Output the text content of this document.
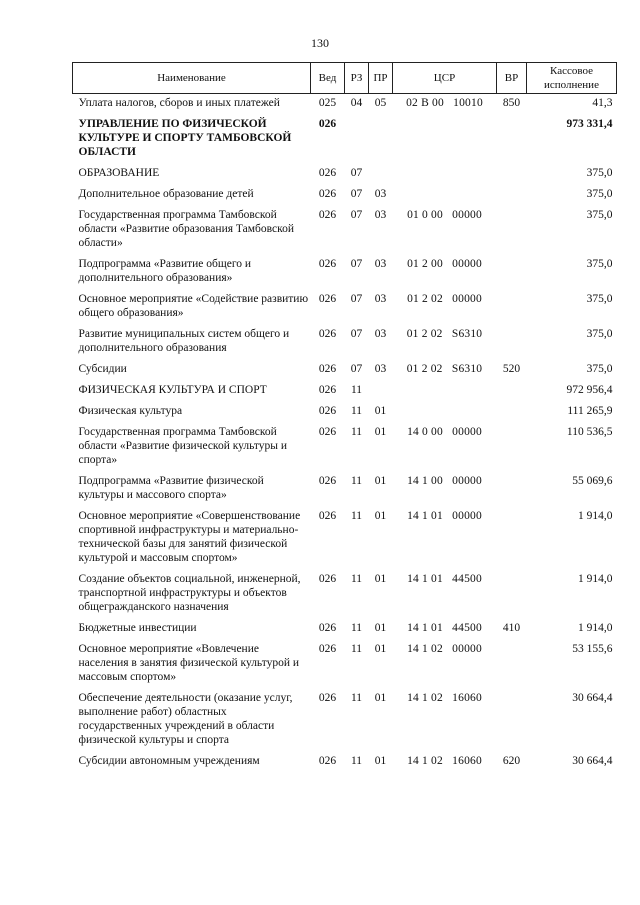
130
Наименование	Вед	РЗ	ПР	ЦСР	ВР	Кассовое исполнение
Уплата налогов, сборов и иных платежей	025	04	05	02 В 00   10010	850	41,3
УПРАВЛЕНИЕ ПО ФИЗИЧЕСКОЙ КУЛЬТУРЕ И СПОРТУ ТАМБОВСКОЙ ОБЛАСТИ	026					973 331,4
ОБРАЗОВАНИЕ	026	07				375,0
Дополнительное образование детей	026	07	03			375,0
Государственная программа Тамбовской области «Развитие образования Тамбовской области»	026	07	03	01 0 00   00000		375,0
Подпрограмма «Развитие общего и дополнительного образования»	026	07	03	01 2 00   00000		375,0
Основное мероприятие «Содействие развитию общего образования»	026	07	03	01 2 02   00000		375,0
Развитие муниципальных систем общего и дополнительного образования	026	07	03	01 2 02   S6310		375,0
Субсидии	026	07	03	01 2 02   S6310	520	375,0
ФИЗИЧЕСКАЯ КУЛЬТУРА И СПОРТ	026	11				972 956,4
Физическая культура	026	11	01			111 265,9
Государственная программа Тамбовской области «Развитие физической культуры и спорта»	026	11	01	14 0 00   00000		110 536,5
Подпрограмма «Развитие физической культуры и массового спорта»	026	11	01	14 1 00   00000		55 069,6
Основное мероприятие «Совершенствование спортивной инфраструктуры и материально-технической базы для занятий физической культурой и массовым спортом»	026	11	01	14 1 01   00000		1 914,0
Создание объектов социальной, инженерной, транспортной инфраструктуры и объектов общегражданского назначения	026	11	01	14 1 01   44500		1 914,0
Бюджетные инвестиции	026	11	01	14 1 01   44500	410	1 914,0
Основное мероприятие «Вовлечение населения в занятия физической культурой и массовым спортом»	026	11	01	14 1 02   00000		53 155,6
Обеспечение деятельности (оказание услуг, выполнение работ) областных государственных учреждений в области физической культуры и спорта	026	11	01	14 1 02   16060		30 664,4
Субсидии автономным учреждениям	026	11	01	14 1 02   16060	620	30 664,4
